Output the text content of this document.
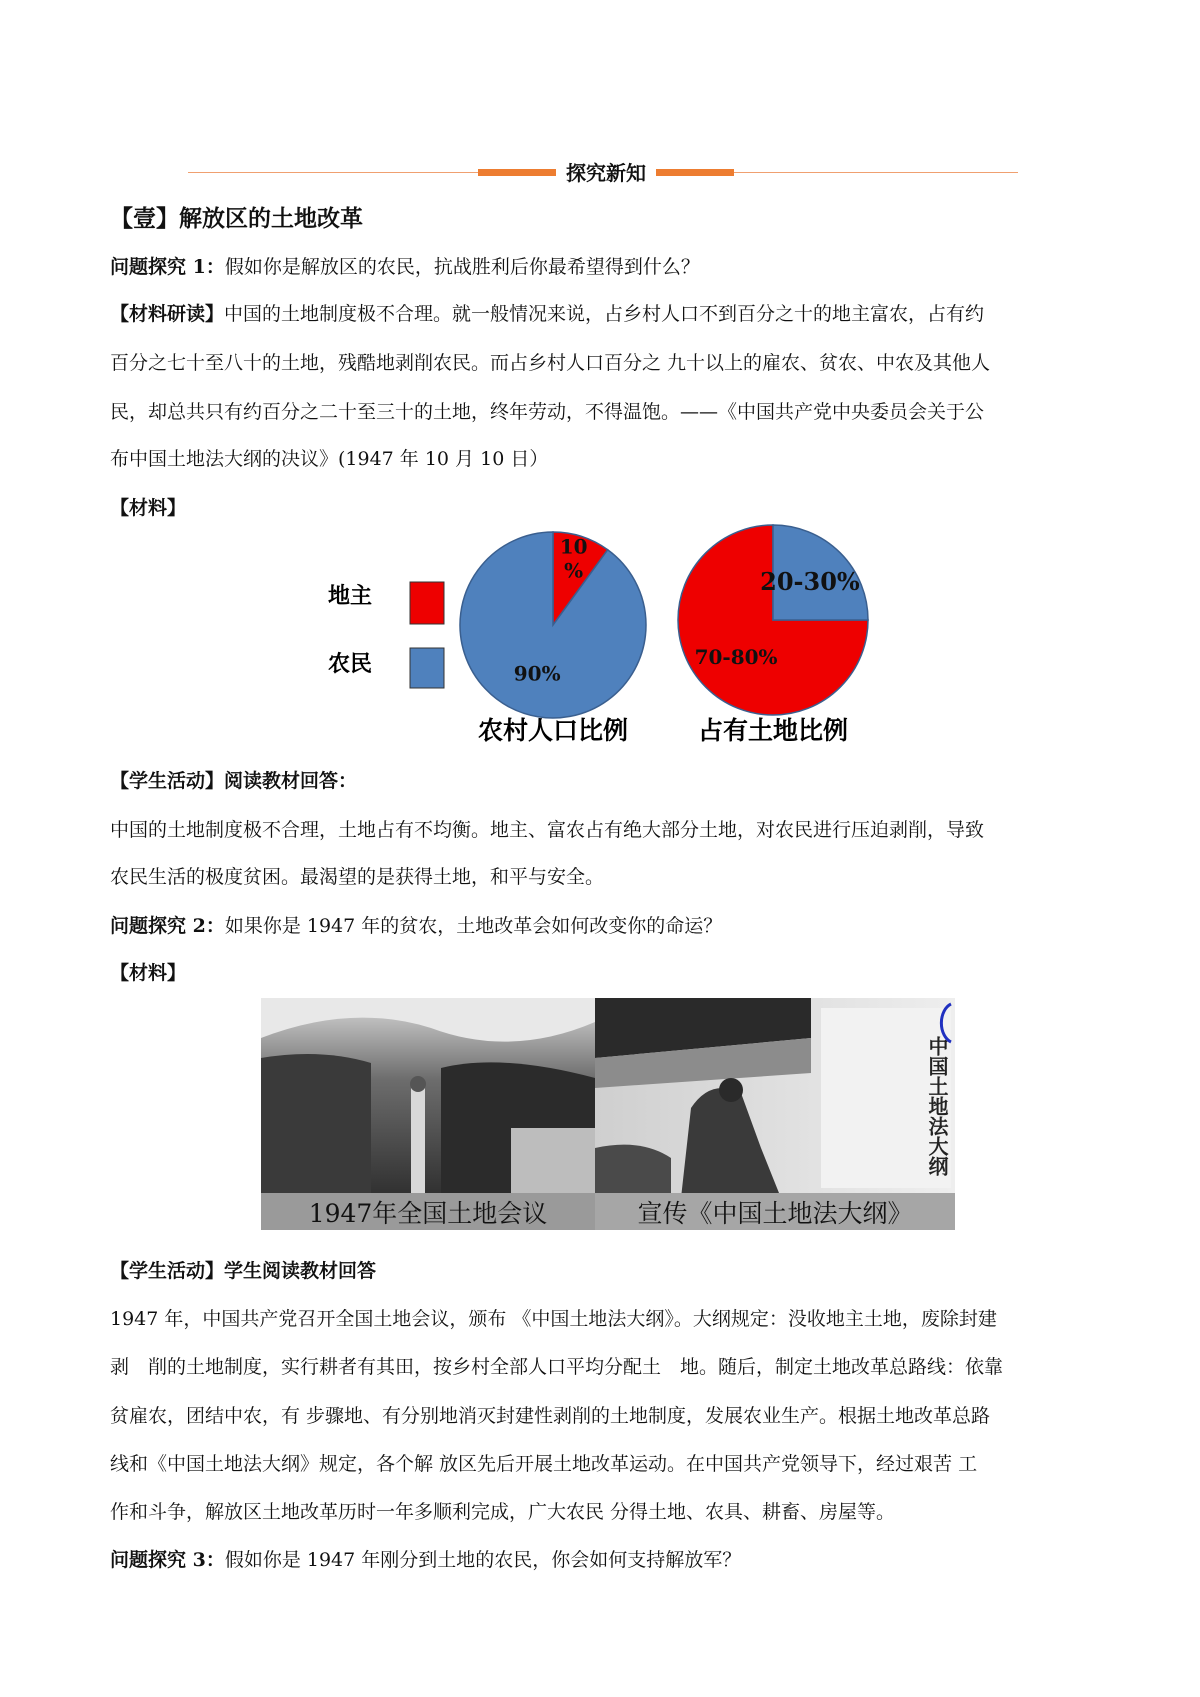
探究新知
【壹】解放区的土地改革
问题探究 1：假如你是解放区的农民，抗战胜利后你最希望得到什么？
【材料研读】中国的土地制度极不合理。就一般情况来说，占乡村人口不到百分之十的地主富农，占有约
百分之七十至八十的土地，残酷地剥削农民。而占乡村人口百分之 九十以上的雇农、贫农、中农及其他人
民，却总共只有约百分之二十至三十的土地，终年劳动，不得温饱。——《中国共产党中央委员会关于公
布中国土地法大纲的决议》(1947 年 10 月 10 日）
【材料】
地主
农民
10 %
90%
70-80%
20-30%
农村人口比例	占有土地比例
【学生活动】阅读教材回答：
中国的土地制度极不合理，土地占有不均衡。地主、富农占有绝大部分土地，对农民进行压迫剥削，导致
农民生活的极度贫困。最渴望的是获得土地，和平与安全。
问题探究 2：如果你是 1947 年的贫农，土地改革会如何改变你的命运？
【材料】
1947年全国土地会议
中国土地法大纲
宣传《中国土地法大纲》
【学生活动】学生阅读教材回答
1947 年，中国共产党召开全国土地会议，颁布 《中国土地法大纲》。大纲规定：没收地主土地，废除封建
剥　削的土地制度，实行耕者有其田，按乡村全部人口平均分配土　地。随后，制定土地改革总路线：依靠
贫雇农，团结中农，有 步骤地、有分别地消灭封建性剥削的土地制度，发展农业生产。根据土地改革总路
线和《中国土地法大纲》规定，各个解 放区先后开展土地改革运动。在中国共产党领导下，经过艰苦 工
作和斗争，解放区土地改革历时一年多顺利完成，广大农民 分得土地、农具、耕畜、房屋等。
问题探究 3：假如你是 1947 年刚分到土地的农民，你会如何支持解放军？
